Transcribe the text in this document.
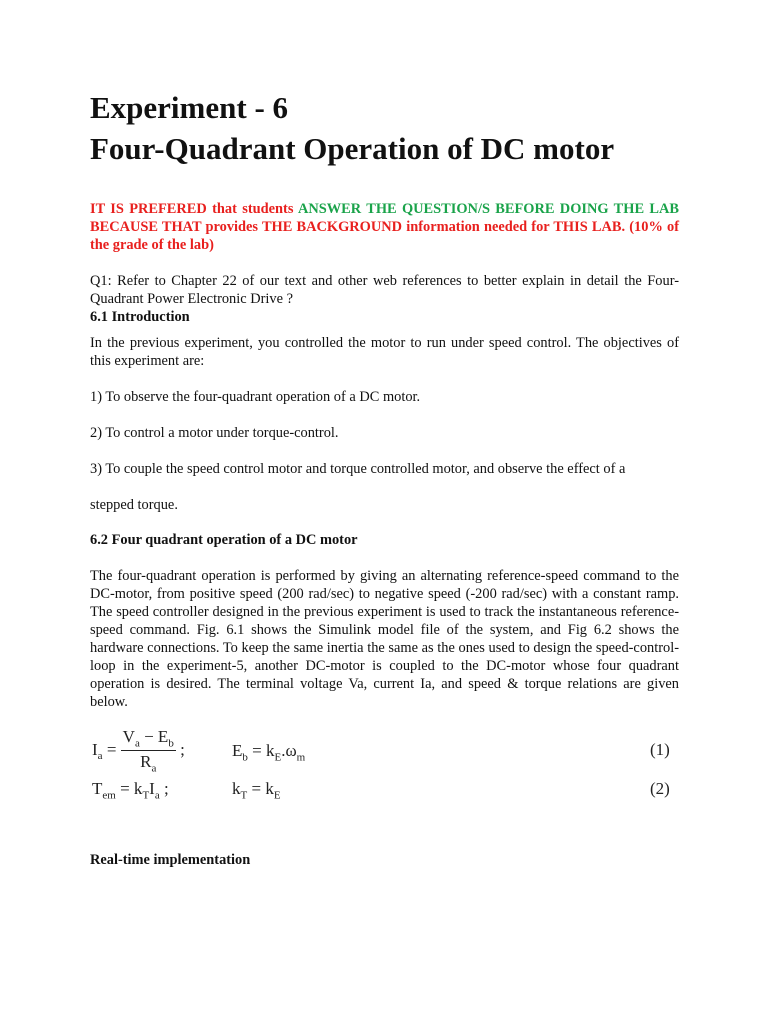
Experiment - 6
Four-Quadrant Operation of DC motor

IT IS PREFERED that students ANSWER THE QUESTION/S BEFORE DOING THE LAB BECAUSE THAT provides THE BACKGROUND information needed for THIS LAB. (10% of the grade of the lab)

Q1: Refer to Chapter 22 of our text and other web references to better explain in detail the Four-Quadrant Power Electronic Drive ?

6.1 Introduction

In the previous experiment, you controlled the motor to run under speed control. The objectives of this experiment are:

1) To observe the four-quadrant operation of a DC motor.

2) To control a motor under torque-control.

3) To couple the speed control motor and torque controlled motor, and observe the effect of a

stepped torque.

6.2 Four quadrant operation of a DC motor

The four-quadrant operation is performed by giving an alternating reference-speed command to the DC-motor, from positive speed (200 rad/sec) to negative speed (-200 rad/sec) with a constant ramp. The speed controller designed in the previous experiment is used to track the instantaneous reference-speed command. Fig. 6.1 shows the Simulink model file of the system, and Fig 6.2 shows the hardware connections. To keep the same inertia the same as the ones used to design the speed-control-loop in the experiment-5, another DC-motor is coupled to the DC-motor whose four quadrant operation is desired. The terminal voltage Va, current Ia, and speed & torque relations are given below.

$I_a = \frac{V_a - E_b}{R_a}$ ;	$E_b = k_E.\omega_m$	(1)
$T_{em} = k_TI_a$ ;	$k_T = k_E$	(2)

Real-time implementation
